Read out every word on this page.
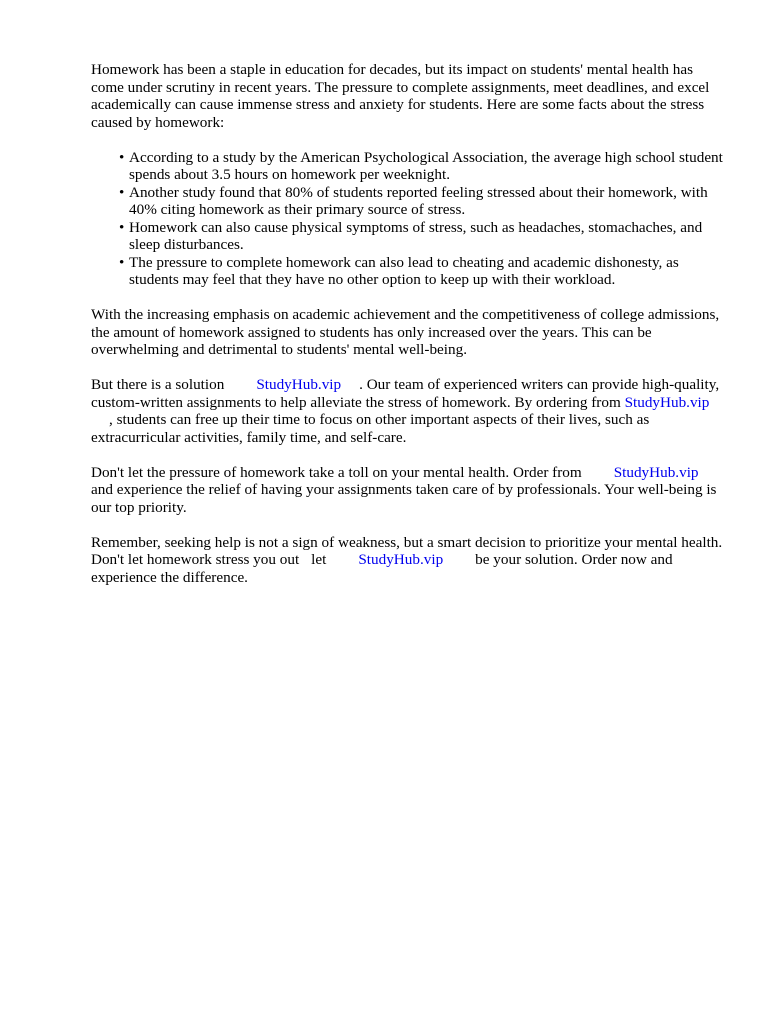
Homework has been a staple in education for decades, but its impact on students' mental health has come under scrutiny in recent years. The pressure to complete assignments, meet deadlines, and excel academically can cause immense stress and anxiety for students. Here are some facts about the stress caused by homework:

• According to a study by the American Psychological Association, the average high school student spends about 3.5 hours on homework per weeknight.
• Another study found that 80% of students reported feeling stressed about their homework, with 40% citing homework as their primary source of stress.
• Homework can also cause physical symptoms of stress, such as headaches, stomachaches, and sleep disturbances.
• The pressure to complete homework can also lead to cheating and academic dishonesty, as students may feel that they have no other option to keep up with their workload.

With the increasing emphasis on academic achievement and the competitiveness of college admissions, the amount of homework assigned to students has only increased over the years. This can be overwhelming and detrimental to students' mental well-being.

But there is a solution StudyHub.vip . Our team of experienced writers can provide high-quality, custom-written assignments to help alleviate the stress of homework. By ordering from StudyHub.vip, students can free up their time to focus on other important aspects of their lives, such as extracurricular activities, family time, and self-care.

Don't let the pressure of homework take a toll on your mental health. Order from StudyHub.vipand experience the relief of having your assignments taken care of by professionals. Your well-being is our top priority.

Remember, seeking help is not a sign of weakness, but a smart decision to prioritize your mental health. Don't let homework stress you out let StudyHub.vip be your solution. Order now and experience the difference.
